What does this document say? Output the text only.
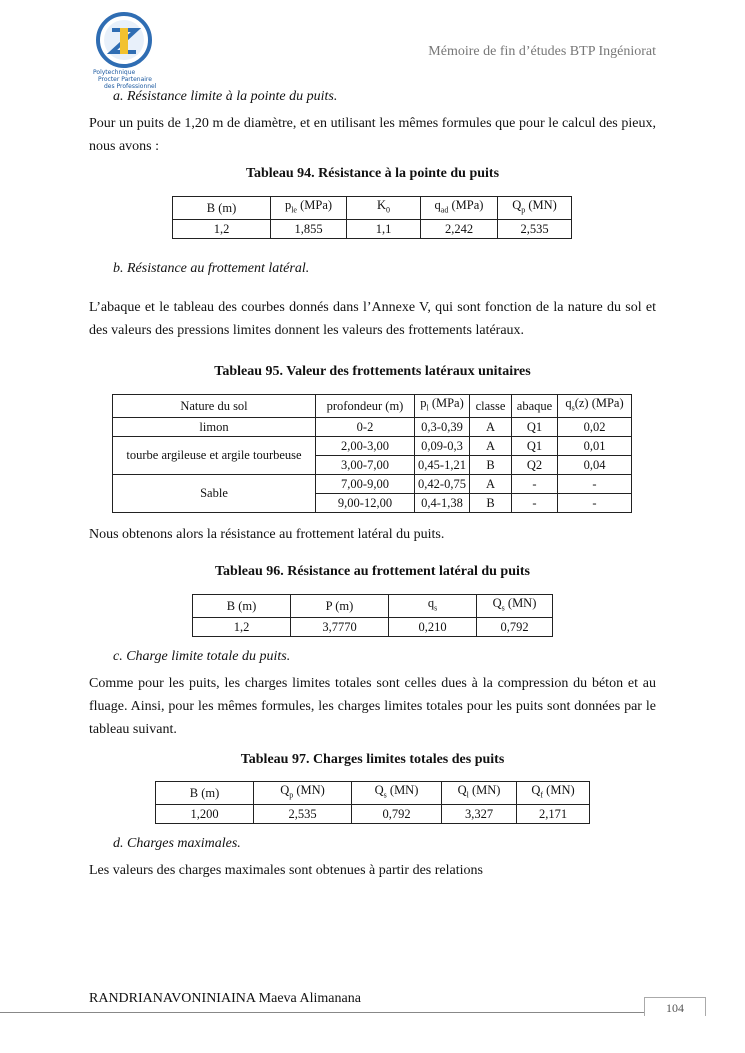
Polytechnique
Procter Partenaire
des Professionnels
Mémoire de fin d’études BTP Ingéniorat
a. Résistance limite à la pointe du puits.
Pour un puits de 1,20 m de diamètre, et en utilisant les mêmes formules que pour le calcul des pieux, nous avons :
Tableau 94. Résistance à la pointe du puits
B (m)	$p_{le}$ (MPa)	$K_0$	$q_{ad}$ (MPa)	$Q_p$ (MN)
1,2	1,855	1,1	2,242	2,535
b. Résistance au frottement latéral.
L’abaque et le tableau des courbes donnés dans l’Annexe V, qui sont fonction de la nature du sol et des valeurs des pressions limites donnent les valeurs des frottements latéraux.
Tableau 95. Valeur des frottements latéraux unitaires
Nature du sol	profondeur (m)	$p_l$ (MPa)	classe	abaque	$q_s(z)$ (MPa)
limon	0-2	0,3-0,39	A	Q1	0,02
tourbe argileuse et argile tourbeuse	2,00-3,00	0,09-0,3	A	Q1	0,01
	3,00-7,00	0,45-1,21	B	Q2	0,04
Sable	7,00-9,00	0,42-0,75	A	-	-
	9,00-12,00	0,4-1,38	B	-	-
Nous obtenons alors la résistance au frottement latéral du puits.
Tableau 96. Résistance au frottement latéral du puits
B (m)	P (m)	$q_s$	$Q_s$ (MN)
1,2	3,7770	0,210	0,792
c. Charge limite totale du puits.
Comme pour les puits, les charges limites totales sont celles dues à la compression du béton et au fluage. Ainsi, pour les mêmes formules, les charges limites totales pour les puits sont données par le tableau suivant.
Tableau 97. Charges limites totales des puits
B (m)	$Q_p$ (MN)	$Q_s$ (MN)	$Q_l$ (MN)	$Q_f$ (MN)
1,200	2,535	0,792	3,327	2,171
d. Charges maximales.
Les valeurs des charges maximales sont obtenues à partir des relations
RANDRIANAVONINIAINA Maeva Alimanana
104
